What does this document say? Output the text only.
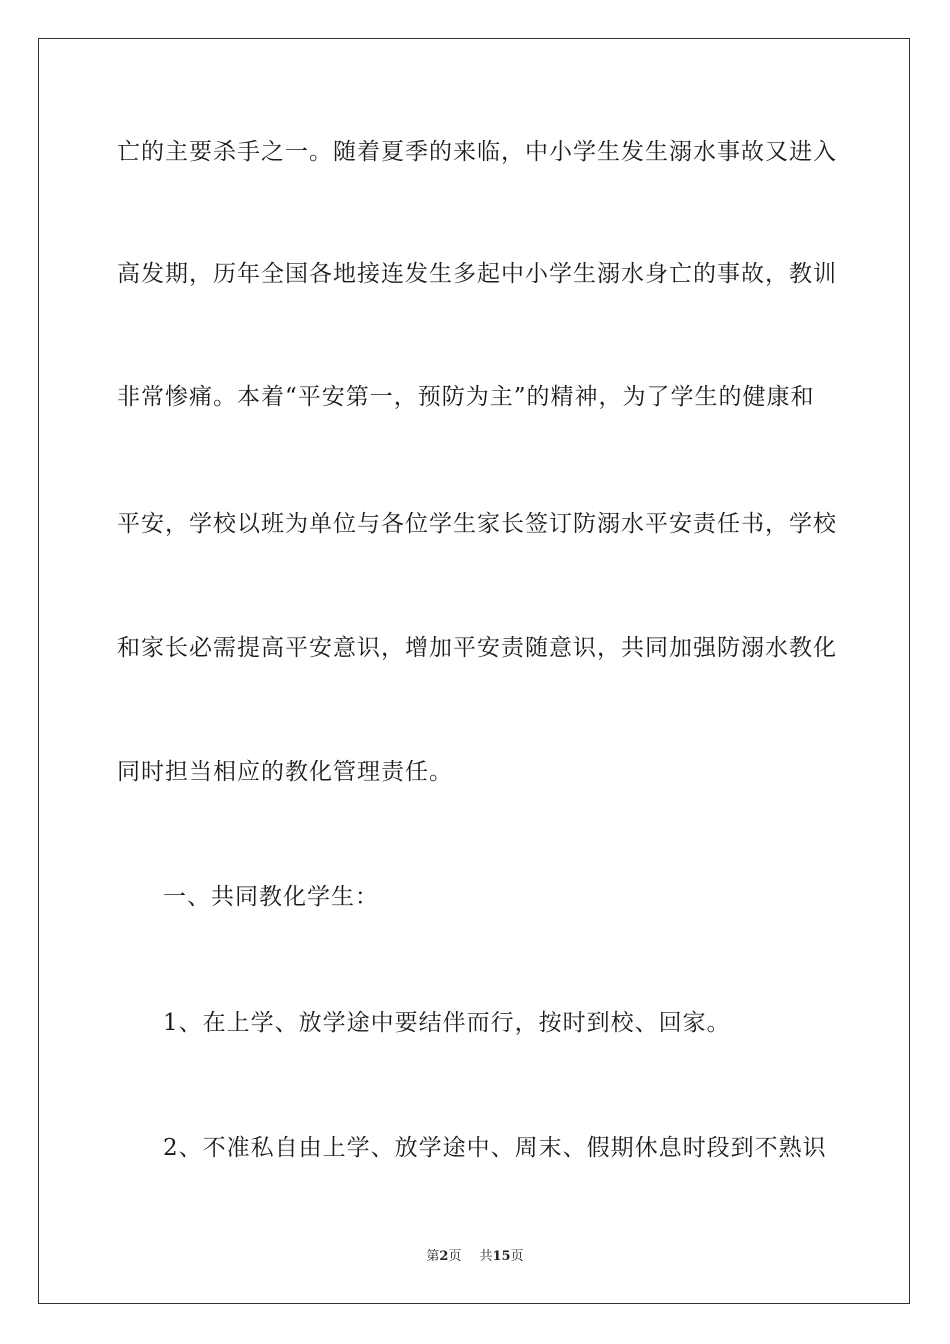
亡的主要杀手之一。随着夏季的来临，中小学生发生溺水事故又进入
高发期，历年全国各地接连发生多起中小学生溺水身亡的事故，教训
非常惨痛。本着“平安第一，预防为主”的精神，为了学生的健康和
平安，学校以班为单位与各位学生家长签订防溺水平安责任书，学校
和家长必需提高平安意识，增加平安责随意识，共同加强防溺水教化
同时担当相应的教化管理责任。
一、共同教化学生：
1、在上学、放学途中要结伴而行，按时到校、回家。
2、不准私自由上学、放学途中、周末、假期休息时段到不熟识
第2页 共15页
